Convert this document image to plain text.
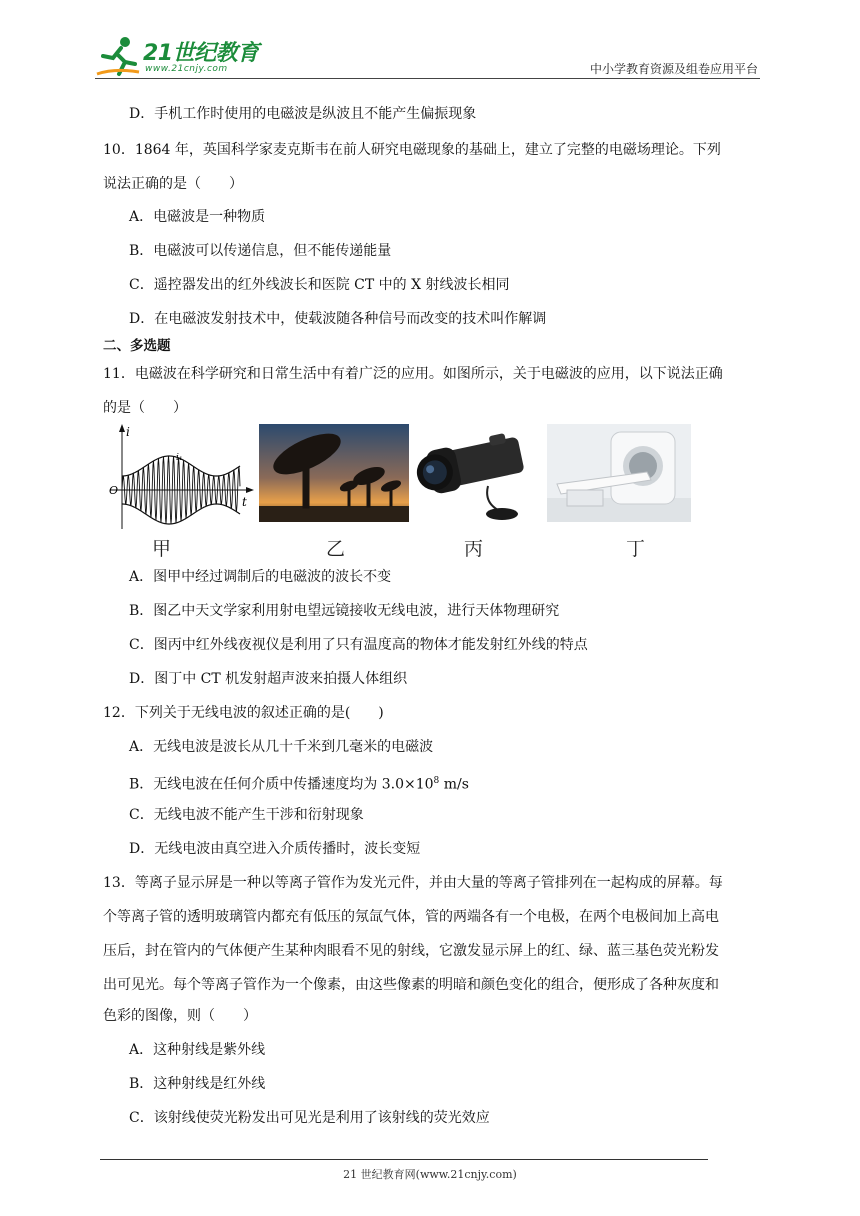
21世纪教育
www.21cnjy.com	中小学教育资源及组卷应用平台
D．手机工作时使用的电磁波是纵波且不能产生偏振现象
10．1864 年，英国科学家麦克斯韦在前人研究电磁现象的基础上，建立了完整的电磁场理论。下列
说法正确的是（　　）
A．电磁波是一种物质
B．电磁波可以传递信息，但不能传递能量
C．遥控器发出的红外线波长和医院 CT 中的 X 射线波长相同
D．在电磁波发射技术中，使载波随各种信号而改变的技术叫作解调
二、多选题
11．电磁波在科学研究和日常生活中有着广泛的应用。如图所示，关于电磁波的应用，以下说法正确
的是（　　）
i
t
O
i₁
甲	乙	丙	丁
A．图甲中经过调制后的电磁波的波长不变
B．图乙中天文学家利用射电望远镜接收无线电波，进行天体物理研究
C．图丙中红外线夜视仪是利用了只有温度高的物体才能发射红外线的特点
D．图丁中 CT 机发射超声波来拍摄人体组织
12．下列关于无线电波的叙述正确的是(　　)
A．无线电波是波长从几十千米到几毫米的电磁波
B．无线电波在任何介质中传播速度均为 $3.0\times 10^8$ m/s
C．无线电波不能产生干涉和衍射现象
D．无线电波由真空进入介质传播时，波长变短
13．等离子显示屏是一种以等离子管作为发光元件，并由大量的等离子管排列在一起构成的屏幕。每
个等离子管的透明玻璃管内都充有低压的氖氙气体，管的两端各有一个电极，在两个电极间加上高电
压后，封在管内的气体便产生某种肉眼看不见的射线，它激发显示屏上的红、绿、蓝三基色荧光粉发
出可见光。每个等离子管作为一个像素，由这些像素的明暗和颜色变化的组合，便形成了各种灰度和
色彩的图像，则（　　）
A．这种射线是紫外线
B．这种射线是红外线
C．该射线使荧光粉发出可见光是利用了该射线的荧光效应
21 世纪教育网(www.21cnjy.com)
